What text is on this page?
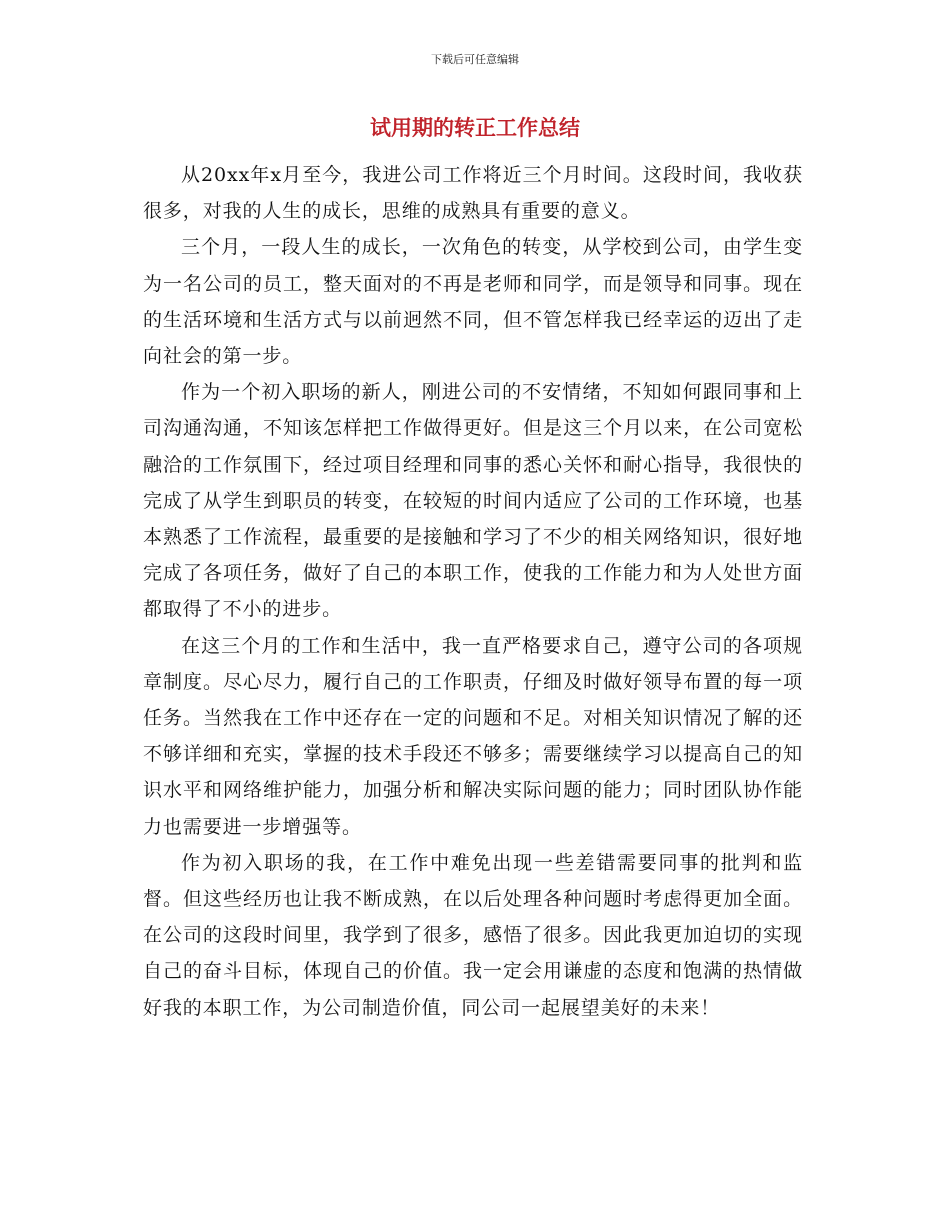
下载后可任意编辑
试用期的转正工作总结

从20xx年x月至今，我进公司工作将近三个月时间。这段时间，我收获很多，对我的人生的成长，思维的成熟具有重要的意义。

三个月，一段人生的成长，一次角色的转变，从学校到公司，由学生变为一名公司的员工，整天面对的不再是老师和同学，而是领导和同事。现在的生活环境和生活方式与以前迥然不同，但不管怎样我已经幸运的迈出了走向社会的第一步。

作为一个初入职场的新人，刚进公司的不安情绪，不知如何跟同事和上司沟通沟通，不知该怎样把工作做得更好。但是这三个月以来，在公司宽松融洽的工作氛围下，经过项目经理和同事的悉心关怀和耐心指导，我很快的完成了从学生到职员的转变，在较短的时间内适应了公司的工作环境，也基本熟悉了工作流程，最重要的是接触和学习了不少的相关网络知识，很好地完成了各项任务，做好了自己的本职工作，使我的工作能力和为人处世方面都取得了不小的进步。

在这三个月的工作和生活中，我一直严格要求自己，遵守公司的各项规章制度。尽心尽力，履行自己的工作职责，仔细及时做好领导布置的每一项任务。当然我在工作中还存在一定的问题和不足。对相关知识情况了解的还不够详细和充实，掌握的技术手段还不够多；需要继续学习以提高自己的知识水平和网络维护能力，加强分析和解决实际问题的能力；同时团队协作能力也需要进一步增强等。

作为初入职场的我，在工作中难免出现一些差错需要同事的批判和监督。但这些经历也让我不断成熟，在以后处理各种问题时考虑得更加全面。在公司的这段时间里，我学到了很多，感悟了很多。因此我更加迫切的实现自己的奋斗目标，体现自己的价值。我一定会用谦虚的态度和饱满的热情做好我的本职工作，为公司制造价值，同公司一起展望美好的未来！
